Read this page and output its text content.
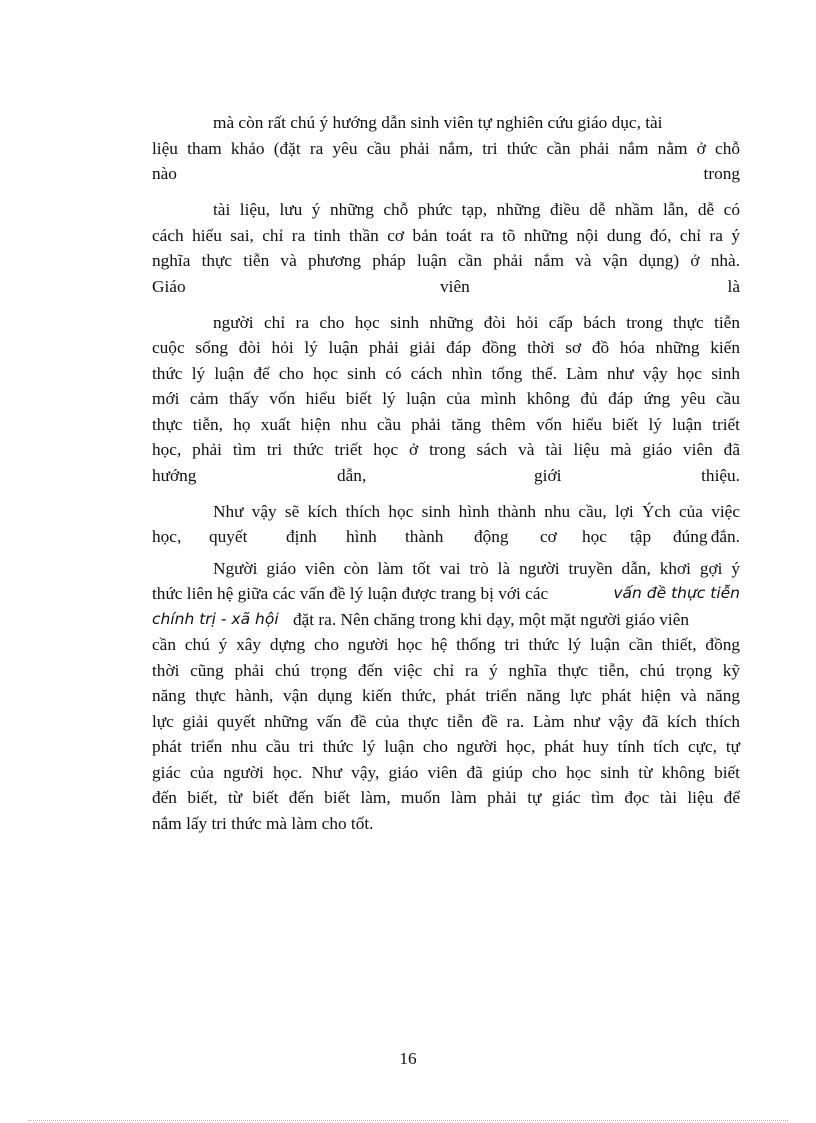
mà còn rất chú ý hướng dẫn sinh viên tự nghiên cứu giáo dục, tài
liệu tham khảo (đặt ra yêu cầu phải nắm, tri thức cần phải nắm nằm ở chỗ
nào	trong
tài liệu, lưu ý những chỗ phức tạp, những điều dễ nhầm lẫn, dễ có
cách hiểu sai, chỉ ra tinh thần cơ bản toát ra tõ những nội dung đó, chỉ ra ý
nghĩa thực tiễn và phương pháp luận cần phải nắm và vận dụng) ở nhà.
Giáo	viên	là
người chỉ ra cho học sinh những đòi hỏi cấp bách trong thực tiễn
cuộc sống đòi hỏi lý luận phải giải đáp đồng thời sơ đồ hóa những kiến
thức lý luận để cho học sinh có cách nhìn tổng thể. Làm như vậy học sinh
mới cảm thấy vốn hiểu biết lý luận của mình không đủ đáp ứng yêu cầu
thực tiễn, họ xuất hiện nhu cầu phải tăng thêm vốn hiểu biết lý luận triết
học, phải tìm tri thức triết học ở trong sách và tài liệu mà giáo viên đã
hướng	dẫn,	giới	thiệu.
Như vậy sẽ kích thích học sinh hình thành nhu cầu, lợi Ých của việc
học, quyết định hình thành động cơ học tập đúng đắn.
Người giáo viên còn làm tốt vai trò là người truyền dẫn, khơi gợi ý
thức liên hệ giữa các vấn đề lý luận được trang bị với các	vấn đề thực tiễn
chính trị - xã hội đặt ra. Nên chăng trong khi dạy, một mặt người giáo viên
cần chú ý xây dựng cho người học hệ thống tri thức lý luận cần thiết, đồng
thời cũng phải chú trọng đến việc chỉ ra ý nghĩa thực tiễn, chú trọng kỹ
năng thực hành, vận dụng kiến thức, phát triển năng lực phát hiện và năng
lực giải quyết những vấn đề của thực tiễn đề ra. Làm như vậy đã kích thích
phát triển nhu cầu tri thức lý luận cho người học, phát huy tính tích cực, tự
giác của người học. Như vậy, giáo viên đã giúp cho học sinh từ không biết
đến biết, từ biết đến biết làm, muốn làm phải tự giác tìm đọc tài liệu để
nắm lấy tri thức mà làm cho tốt.
16
